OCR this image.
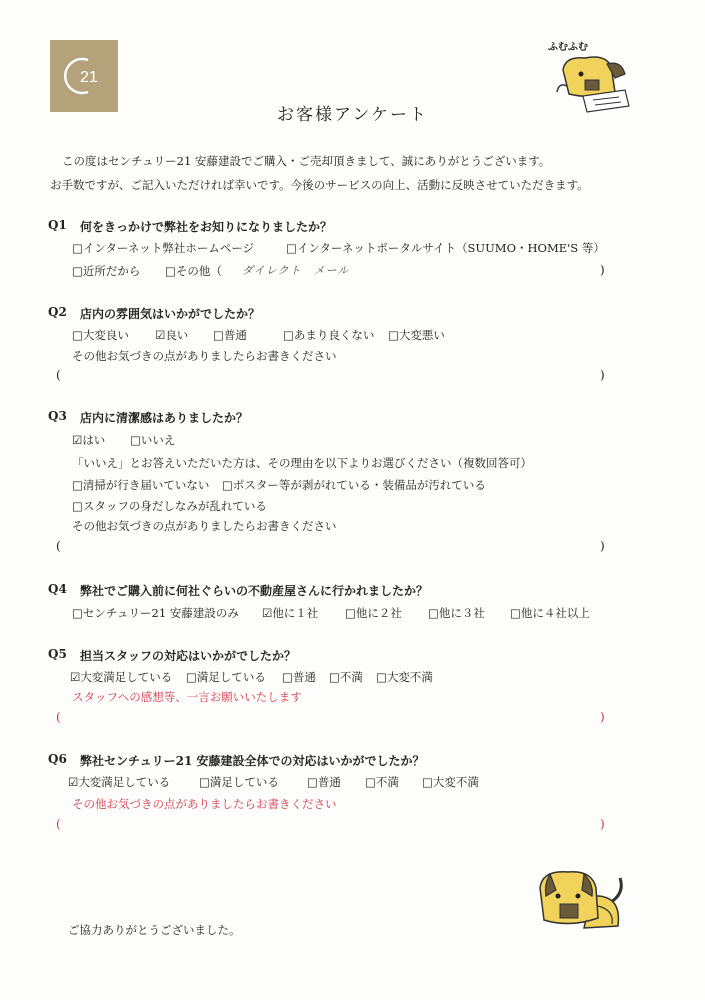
21
ふむふむ
お客様アンケート
この度はセンチュリー21 安藤建設でご購入・ご売却頂きまして、誠にありがとうございます。
お手数ですが、ご記入いただければ幸いです。今後のサービスの向上、活動に反映させていただきます。
Q1 何をきっかけで弊社をお知りになりましたか？
□インターネット弊社ホームページ	□インターネットポータルサイト（SUUMO・HOME'S 等）
□近所だから □その他（ ダイレクト　メール	)
Q2 店内の雰囲気はいかがでしたか？
□大変良い ☑良い □普通	□あまり良くない □大変悪い
その他お気づきの点がありましたらお書きください
(	)
Q3 店内に清潔感はありましたか？
☑はい □いいえ
「いいえ」とお答えいただいた方は、その理由を以下よりお選びください（複数回答可）
□清掃が行き届いていない □ポスター等が剥がれている・装備品が汚れている
□スタッフの身だしなみが乱れている
その他お気づきの点がありましたらお書きください
(	)
Q4 弊社でご購入前に何社ぐらいの不動産屋さんに行かれましたか？
□センチュリー21 安藤建設のみ ☑他に１社 □他に２社 □他に３社 □他に４社以上
Q5 担当スタッフの対応はいかがでしたか？
☑大変満足している □満足している □普通 □不満 □大変不満
スタッフへの感想等、一言お願いいたします
(	)
Q6 弊社センチュリー21 安藤建設全体での対応はいかがでしたか？
☑大変満足している □満足している □普通 □不満 □大変不満
その他お気づきの点がありましたらお書きください
(	)
ご協力ありがとうございました。
